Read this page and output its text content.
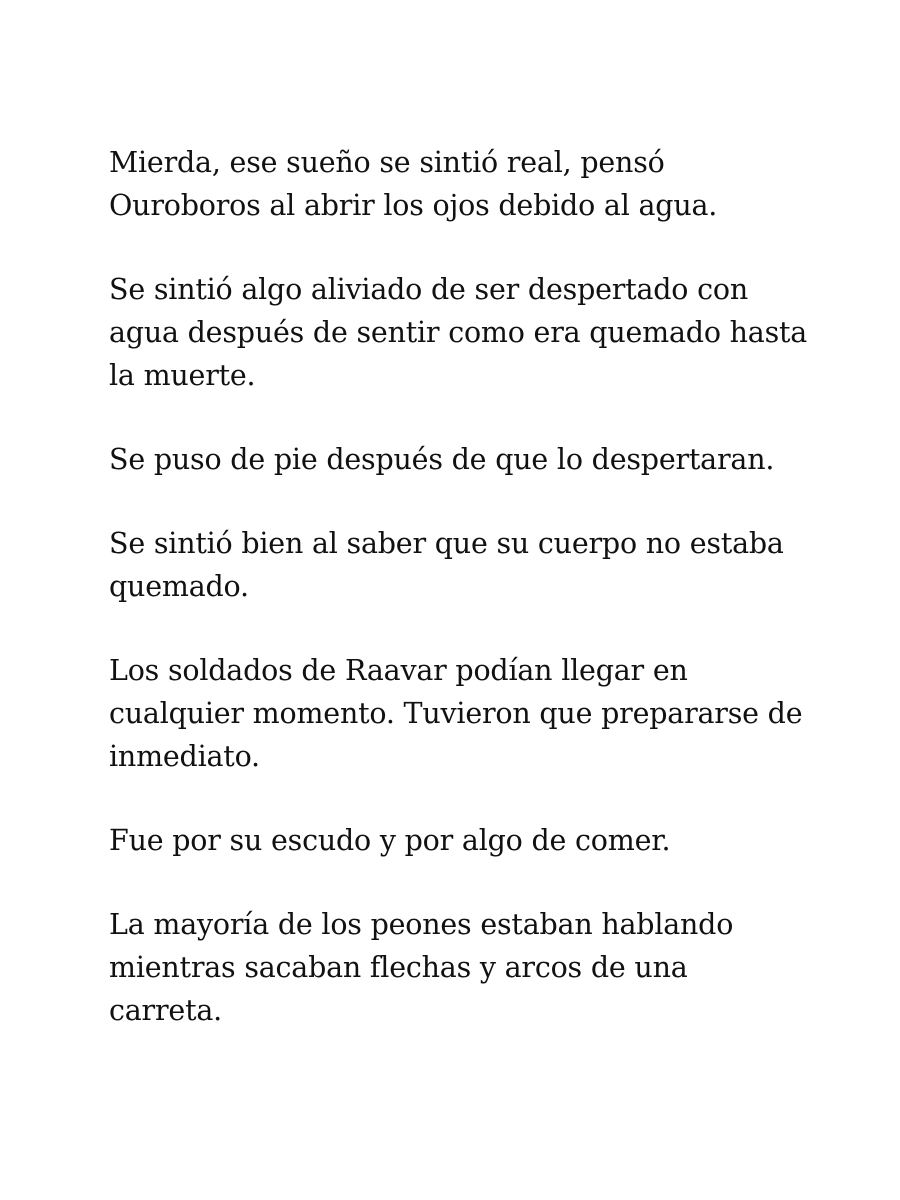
Mierda, ese sueño se sintió real, pensó Ouroboros al abrir los ojos debido al agua.

Se sintió algo aliviado de ser despertado con agua después de sentir como era quemado hasta la muerte.

Se puso de pie después de que lo despertaran.

Se sintió bien al saber que su cuerpo no estaba quemado.

Los soldados de Raavar podían llegar en cualquier momento. Tuvieron que prepararse de inmediato.

Fue por su escudo y por algo de comer.

La mayoría de los peones estaban hablando mientras sacaban flechas y arcos de una carreta.
